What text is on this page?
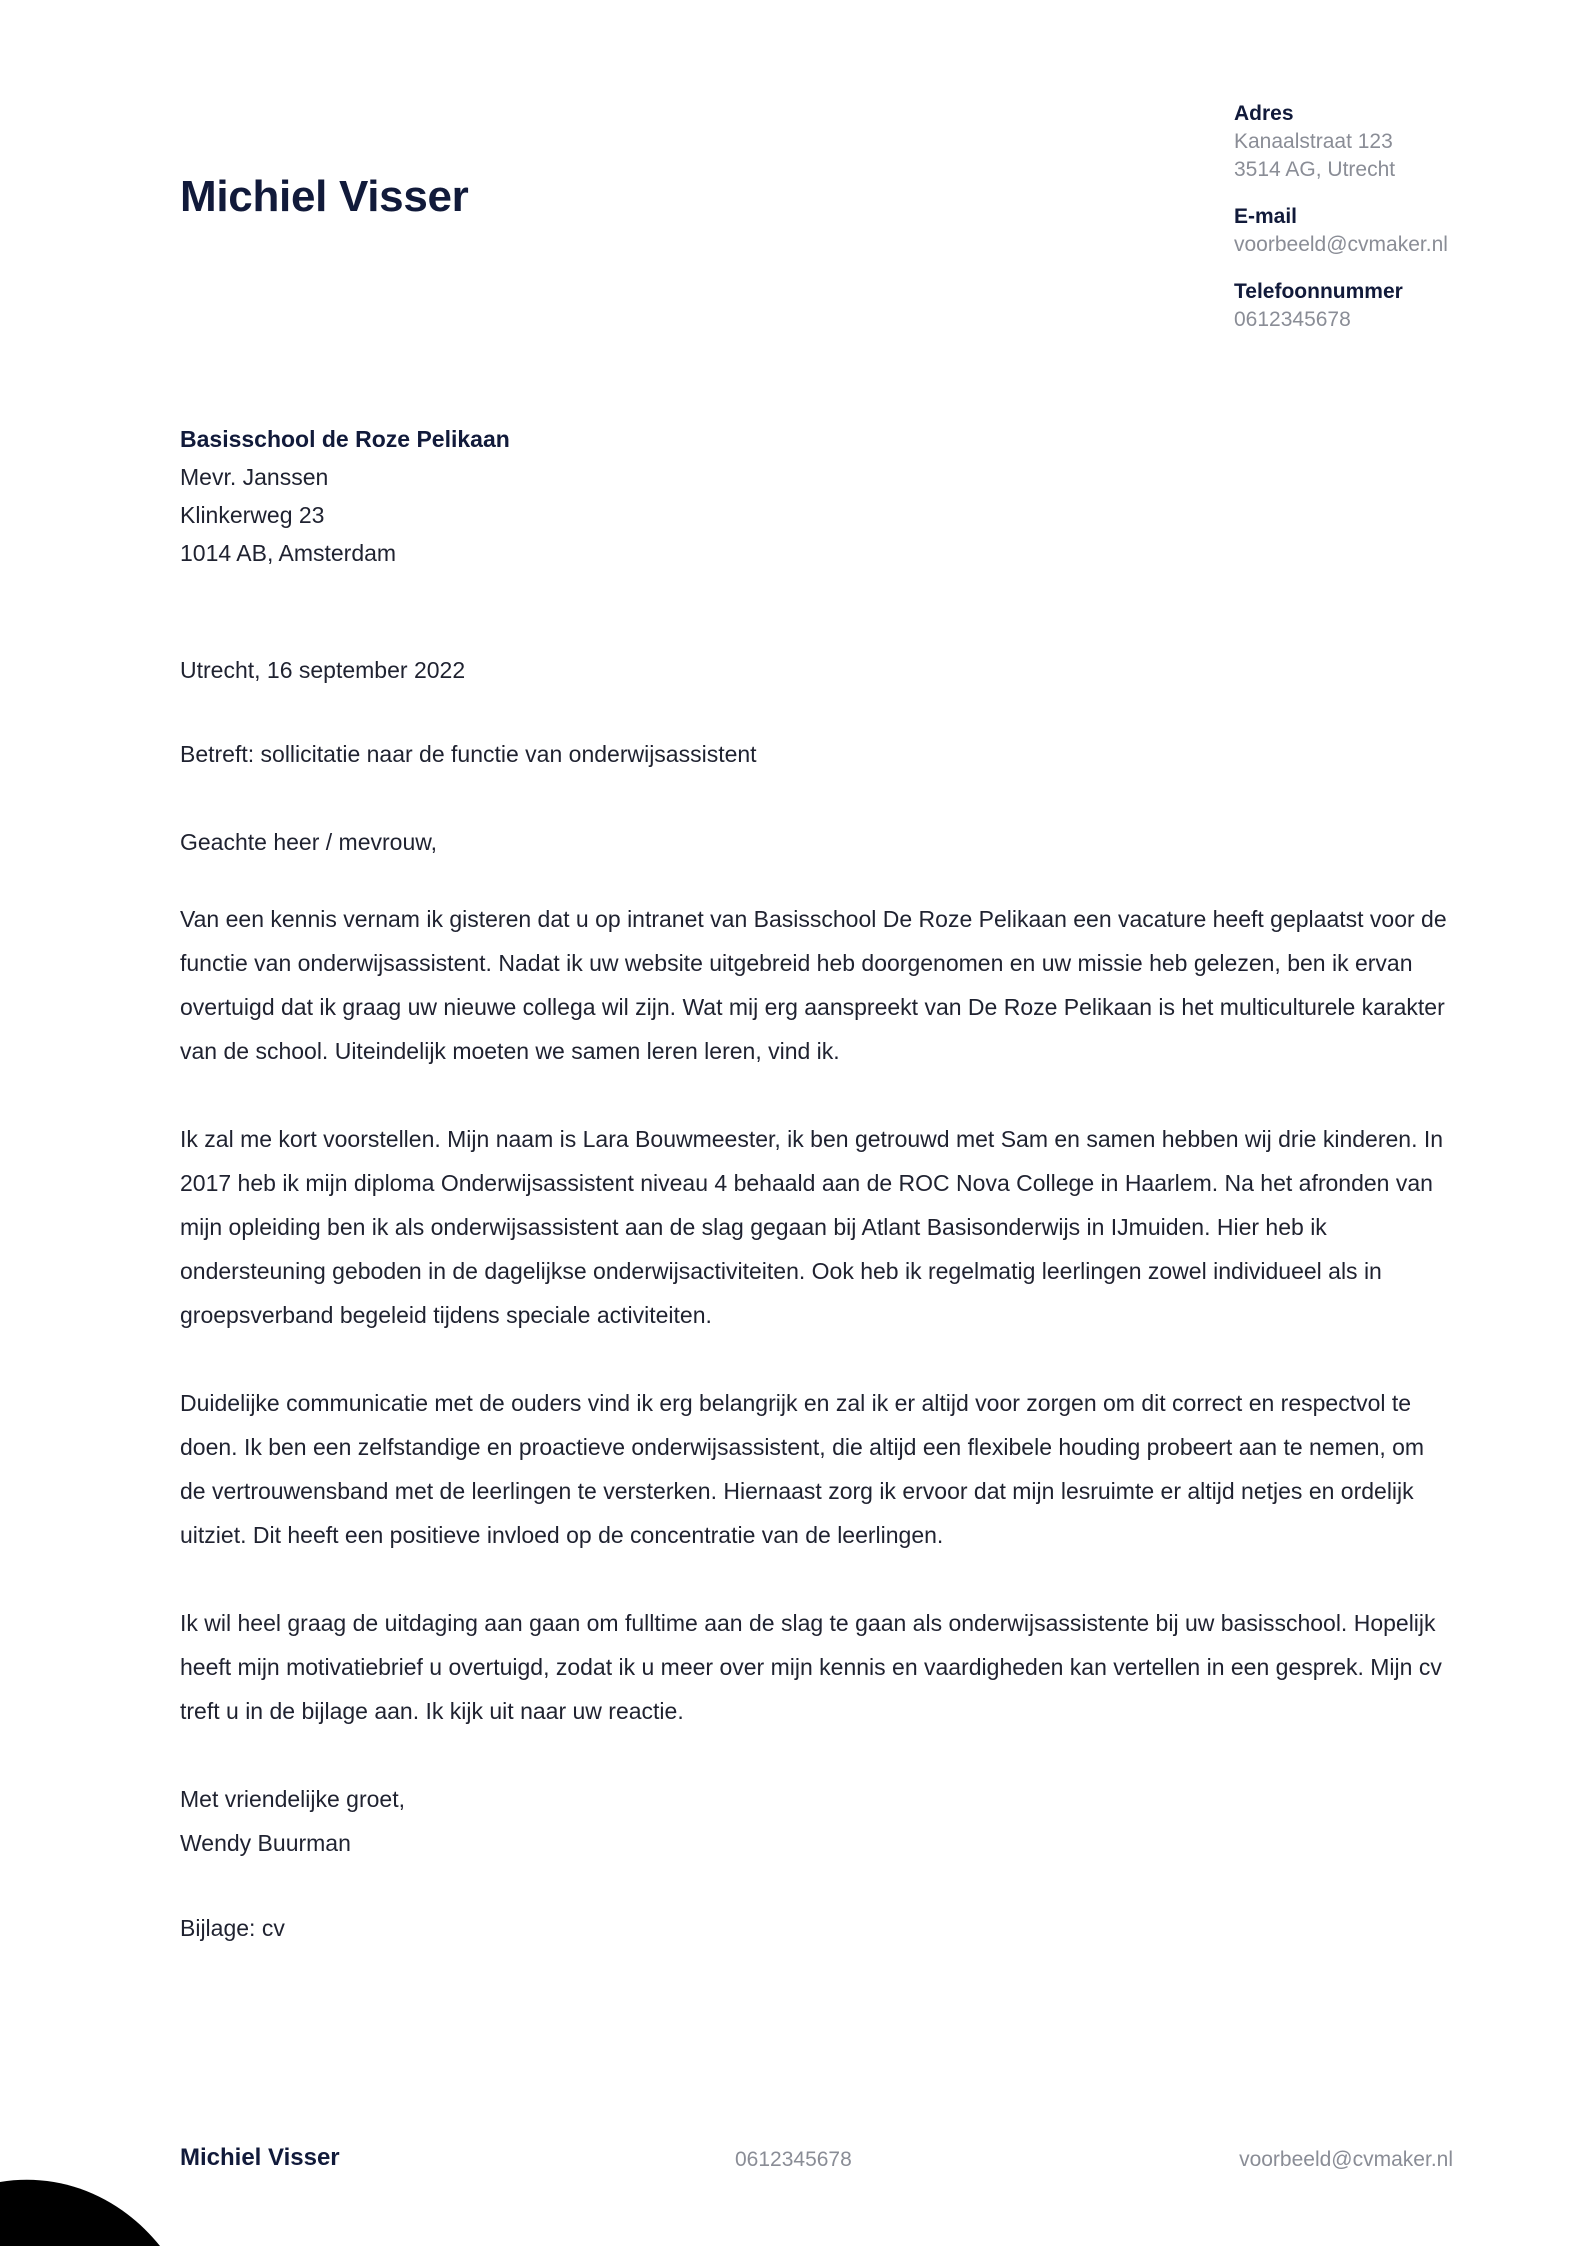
Michiel Visser
Adres
Kanaalstraat 123
3514 AG, Utrecht
E-mail
voorbeeld@cvmaker.nl
Telefoonnummer
0612345678
Basisschool de Roze Pelikaan
Mevr. Janssen
Klinkerweg 23
1014 AB, Amsterdam
Utrecht, 16 september 2022
Betreft: sollicitatie naar de functie van onderwijsassistent
Geachte heer / mevrouw,

Van een kennis vernam ik gisteren dat u op intranet van Basisschool De Roze Pelikaan een vacature heeft geplaatst voor de functie van onderwijsassistent. Nadat ik uw website uitgebreid heb doorgenomen en uw missie heb gelezen, ben ik ervan overtuigd dat ik graag uw nieuwe collega wil zijn. Wat mij erg aanspreekt van De Roze Pelikaan is het multiculturele karakter van de school. Uiteindelijk moeten we samen leren leren, vind ik.

Ik zal me kort voorstellen. Mijn naam is Lara Bouwmeester, ik ben getrouwd met Sam en samen hebben wij drie kinderen. In 2017 heb ik mijn diploma Onderwijsassistent niveau 4 behaald aan de ROC Nova College in Haarlem. Na het afronden van mijn opleiding ben ik als onderwijsassistent aan de slag gegaan bij Atlant Basisonderwijs in IJmuiden. Hier heb ik ondersteuning geboden in de dagelijkse onderwijsactiviteiten. Ook heb ik regelmatig leerlingen zowel individueel als in groepsverband begeleid tijdens speciale activiteiten.

Duidelijke communicatie met de ouders vind ik erg belangrijk en zal ik er altijd voor zorgen om dit correct en respectvol te doen. Ik ben een zelfstandige en proactieve onderwijsassistent, die altijd een flexibele houding probeert aan te nemen, om de vertrouwensband met de leerlingen te versterken. Hiernaast zorg ik ervoor dat mijn lesruimte er altijd netjes en ordelijk uitziet. Dit heeft een positieve invloed op de concentratie van de leerlingen.

Ik wil heel graag de uitdaging aan gaan om fulltime aan de slag te gaan als onderwijsassistente bij uw basisschool. Hopelijk heeft mijn motivatiebrief u overtuigd, zodat ik u meer over mijn kennis en vaardigheden kan vertellen in een gesprek. Mijn cv treft u in de bijlage aan. Ik kijk uit naar uw reactie.

Met vriendelijke groet,
Wendy Buurman
Bijlage: cv
Michiel Visser	0612345678	voorbeeld@cvmaker.nl
